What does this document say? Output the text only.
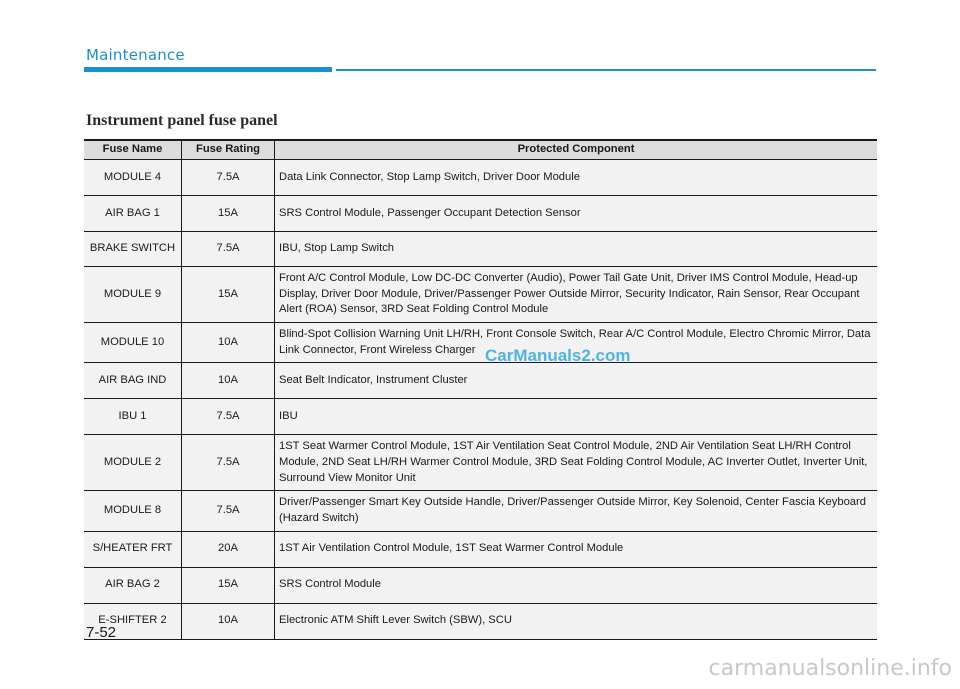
Maintenance
Instrument panel fuse panel
Fuse Name	Fuse Rating	Protected Component
MODULE 4	7.5A	Data Link Connector, Stop Lamp Switch, Driver Door Module
AIR BAG 1	15A	SRS Control Module, Passenger Occupant Detection Sensor
BRAKE SWITCH	7.5A	IBU, Stop Lamp Switch
MODULE 9	15A	Front A/C Control Module, Low DC-DC Converter (Audio), Power Tail Gate Unit, Driver IMS Control Module, Head-up Display, Driver Door Module, Driver/Passenger Power Outside Mirror, Security Indicator, Rain Sensor, Rear Occupant Alert (ROA) Sensor, 3RD Seat Folding Control Module
MODULE 10	10A	Blind-Spot Collision Warning Unit LH/RH, Front Console Switch, Rear A/C Control Module, Electro Chromic Mirror, Data Link Connector, Front Wireless Charger
AIR BAG IND	10A	Seat Belt Indicator, Instrument Cluster
IBU 1	7.5A	IBU
MODULE 2	7.5A	1ST Seat Warmer Control Module, 1ST Air Ventilation Seat Control Module, 2ND Air Ventilation Seat LH/RH Control Module, 2ND Seat LH/RH Warmer Control Module, 3RD Seat Folding Control Module, AC Inverter Outlet, Inverter Unit, Surround View Monitor Unit
MODULE 8	7.5A	Driver/Passenger Smart Key Outside Handle, Driver/Passenger Outside Mirror, Key Solenoid, Center Fascia Keyboard (Hazard Switch)
S/HEATER FRT	20A	1ST Air Ventilation Control Module, 1ST Seat Warmer Control Module
AIR BAG 2	15A	SRS Control Module
E-SHIFTER 2	10A	Electronic ATM Shift Lever Switch (SBW), SCU
CarManuals2.com
7-52
carmanualsonline.info
